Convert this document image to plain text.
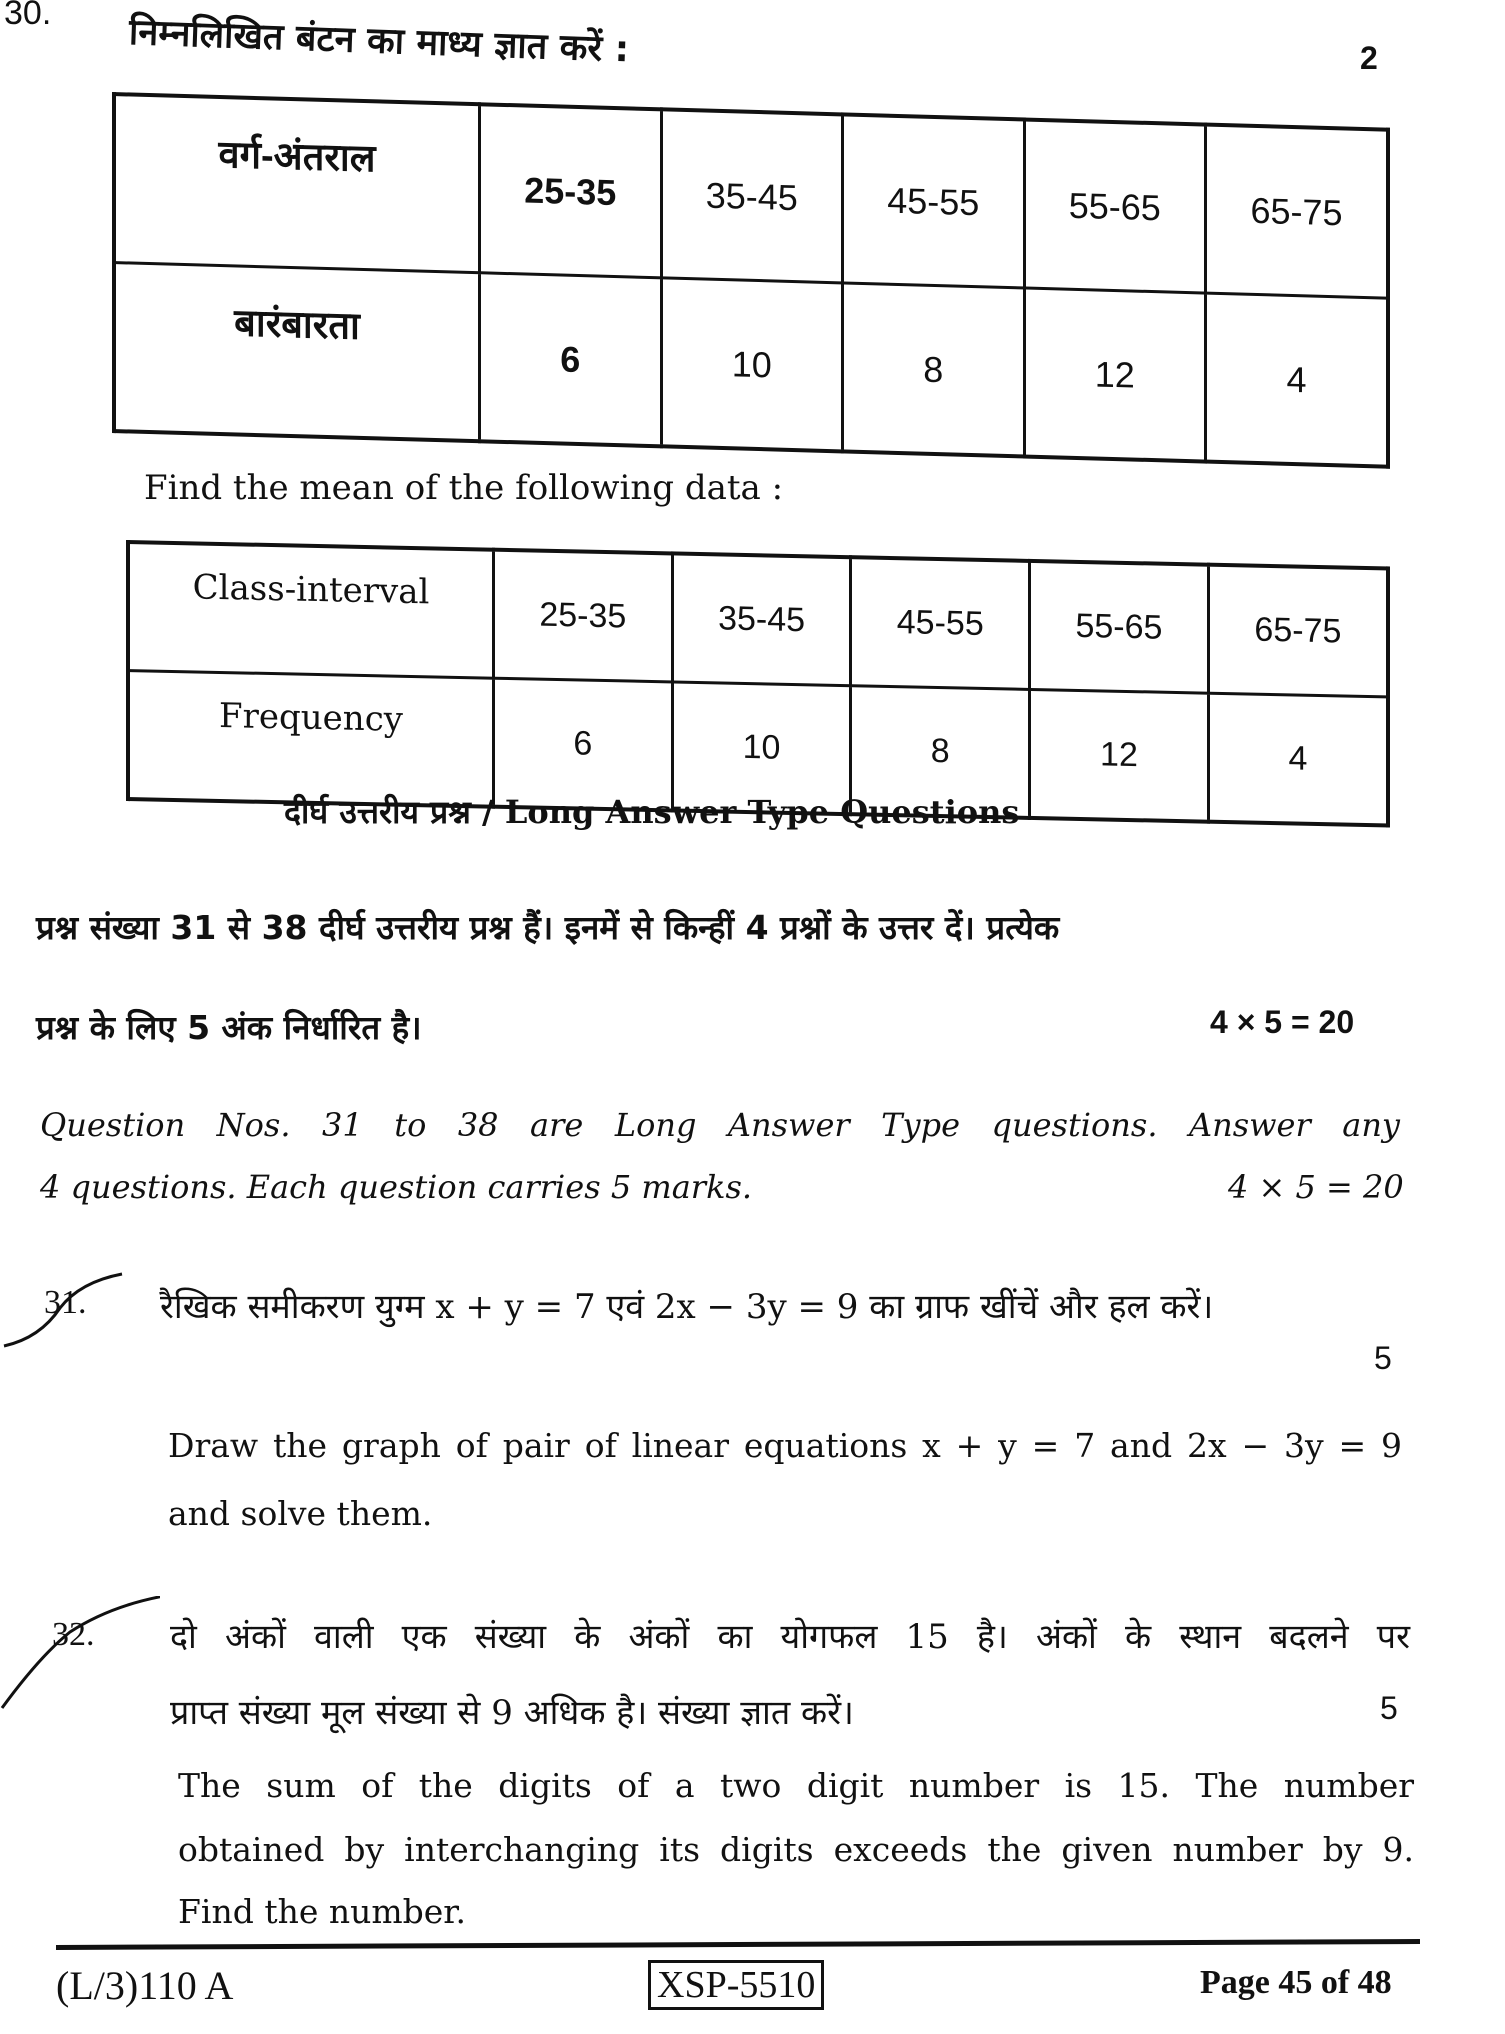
30. निम्नलिखित बंटन का माध्य ज्ञात करें :	2
वर्ग-अंतराल	25-35	35-45	45-55	55-65	65-75
बारंबारता	6	10	8	12	4
Find the mean of the following data :
Class-interval	25-35	35-45	45-55	55-65	65-75
Frequency	6	10	8	12	4
दीर्घ उत्तरीय प्रश्न / Long Answer Type Questions
प्रश्न संख्या 31 से 38 दीर्घ उत्तरीय प्रश्न हैं। इनमें से किन्हीं 4 प्रश्नों के उत्तर दें। प्रत्येक
प्रश्न के लिए 5 अंक निर्धारित है।	4 × 5 = 20
Question Nos. 31 to 38 are Long Answer Type questions. Answer any
4 questions. Each question carries 5 marks.	4 × 5 = 20
31. रैखिक समीकरण युग्म x + y = 7 एवं 2x − 3y = 9 का ग्राफ खींचें और हल करें।
5
Draw the graph of pair of linear equations x + y = 7 and 2x − 3y = 9
and solve them.
32. दो अंकों वाली एक संख्या के अंकों का योगफल 15 है। अंकों के स्थान बदलने पर
प्राप्त संख्या मूल संख्या से 9 अधिक है। संख्या ज्ञात करें।	5
The sum of the digits of a two digit number is 15. The number
obtained by interchanging its digits exceeds the given number by 9.
Find the number.
(L/3)110 A	XSP-5510	Page 45 of 48
